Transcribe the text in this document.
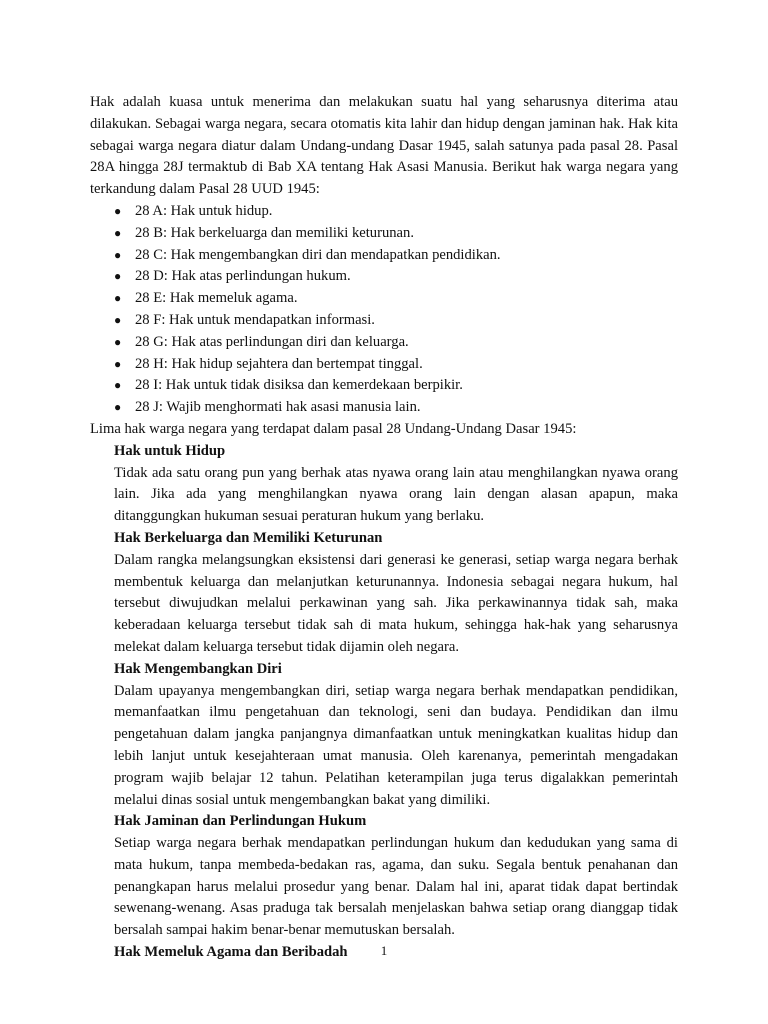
Hak adalah kuasa untuk menerima dan melakukan suatu hal yang seharusnya diterima atau dilakukan. Sebagai warga negara, secara otomatis kita lahir dan hidup dengan jaminan hak. Hak kita sebagai warga negara diatur dalam Undang-undang Dasar 1945, salah satunya pada pasal 28. Pasal 28A hingga 28J termaktub di Bab XA tentang Hak Asasi Manusia. Berikut hak warga negara yang terkandung dalam Pasal 28 UUD 1945:

● 28 A: Hak untuk hidup.
● 28 B: Hak berkeluarga dan memiliki keturunan.
● 28 C: Hak mengembangkan diri dan mendapatkan pendidikan.
● 28 D: Hak atas perlindungan hukum.
● 28 E: Hak memeluk agama.
● 28 F: Hak untuk mendapatkan informasi.
● 28 G: Hak atas perlindungan diri dan keluarga.
● 28 H: Hak hidup sejahtera dan bertempat tinggal.
● 28 I: Hak untuk tidak disiksa dan kemerdekaan berpikir.
● 28 J: Wajib menghormati hak asasi manusia lain.

Lima hak warga negara yang terdapat dalam pasal 28 Undang-Undang Dasar 1945:

Hak untuk Hidup

Tidak ada satu orang pun yang berhak atas nyawa orang lain atau menghilangkan nyawa orang lain. Jika ada yang menghilangkan nyawa orang lain dengan alasan apapun, maka ditanggungkan hukuman sesuai peraturan hukum yang berlaku.

Hak Berkeluarga dan Memiliki Keturunan

Dalam rangka melangsungkan eksistensi dari generasi ke generasi, setiap warga negara berhak membentuk keluarga dan melanjutkan keturunannya. Indonesia sebagai negara hukum, hal tersebut diwujudkan melalui perkawinan yang sah. Jika perkawinannya tidak sah, maka keberadaan keluarga tersebut tidak sah di mata hukum, sehingga hak-hak yang seharusnya melekat dalam keluarga tersebut tidak dijamin oleh negara.

Hak Mengembangkan Diri

Dalam upayanya mengembangkan diri, setiap warga negara berhak mendapatkan pendidikan, memanfaatkan ilmu pengetahuan dan teknologi, seni dan budaya. Pendidikan dan ilmu pengetahuan dalam jangka panjangnya dimanfaatkan untuk meningkatkan kualitas hidup dan lebih lanjut untuk kesejahteraan umat manusia. Oleh karenanya, pemerintah mengadakan program wajib belajar 12 tahun. Pelatihan keterampilan juga terus digalakkan pemerintah melalui dinas sosial untuk mengembangkan bakat yang dimiliki.

Hak Jaminan dan Perlindungan Hukum

Setiap warga negara berhak mendapatkan perlindungan hukum dan kedudukan yang sama di mata hukum, tanpa membeda-bedakan ras, agama, dan suku. Segala bentuk penahanan dan penangkapan harus melalui prosedur yang benar. Dalam hal ini, aparat tidak dapat bertindak sewenang-wenang. Asas praduga tak bersalah menjelaskan bahwa setiap orang dianggap tidak bersalah sampai hakim benar-benar memutuskan bersalah.

Hak Memeluk Agama dan Beribadah	1
